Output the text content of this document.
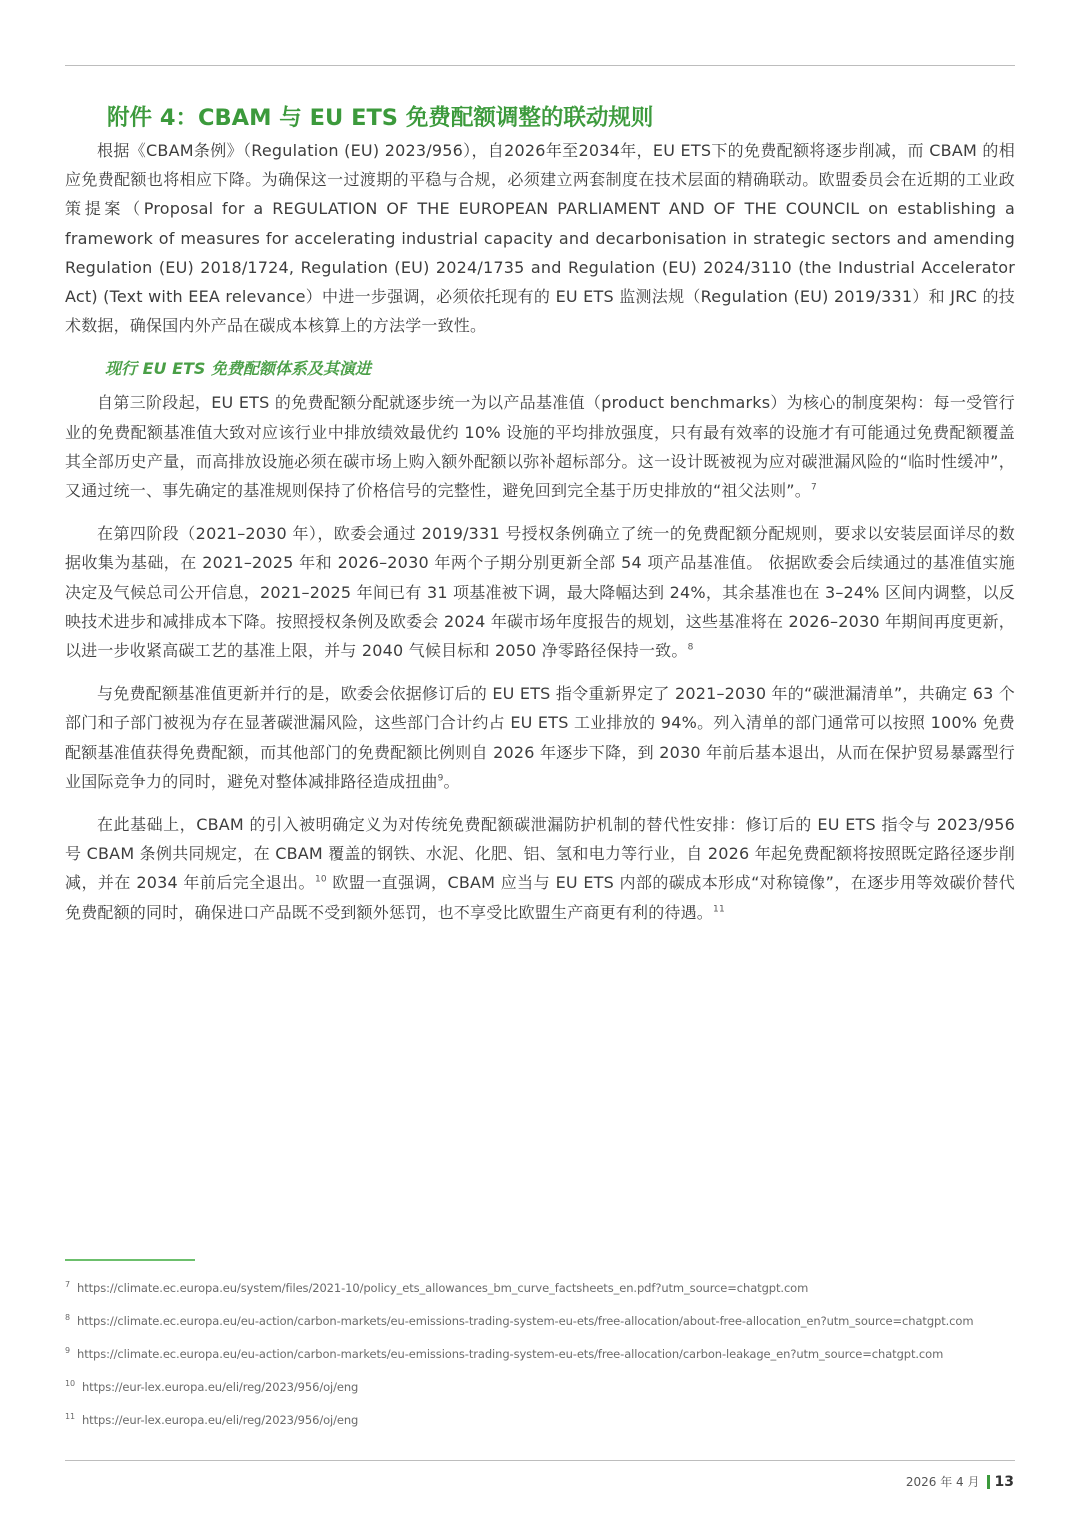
附件 4：CBAM 与 EU ETS 免费配额调整的联动规则

根据《CBAM条例》（Regulation (EU) 2023/956），自2026年至2034年，EU ETS下的免费配额将逐步削减，而 CBAM 的相应免费配额也将相应下降。为确保这一过渡期的平稳与合规，必须建立两套制度在技术层面的精确联动。欧盟委员会在近期的工业政策提案（Proposal for a REGULATION OF THE EUROPEAN PARLIAMENT AND OF THE COUNCIL on establishing a framework of measures for accelerating industrial capacity and decarbonisation in strategic sectors and amending Regulation (EU) 2018/1724, Regulation (EU) 2024/1735 and Regulation (EU) 2024/3110 (the Industrial Accelerator Act) (Text with EEA relevance）中进一步强调，必须依托现有的 EU ETS 监测法规（Regulation (EU) 2019/331）和 JRC 的技术数据，确保国内外产品在碳成本核算上的方法学一致性。

现行 EU ETS 免费配额体系及其演进

自第三阶段起，EU ETS 的免费配额分配就逐步统一为以产品基准值（product benchmarks）为核心的制度架构：每一受管行业的免费配额基准值大致对应该行业中排放绩效最优约 10% 设施的平均排放强度，只有最有效率的设施才有可能通过免费配额覆盖其全部历史产量，而高排放设施必须在碳市场上购入额外配额以弥补超标部分。这一设计既被视为应对碳泄漏风险的“临时性缓冲”，又通过统一、事先确定的基准规则保持了价格信号的完整性，避免回到完全基于历史排放的“祖父法则”。$^7$

在第四阶段（2021–2030 年），欧委会通过 2019/331 号授权条例确立了统一的免费配额分配规则，要求以安装层面详尽的数据收集为基础，在 2021–2025 年和 2026–2030 年两个子期分别更新全部 54 项产品基准值。 依据欧委会后续通过的基准值实施决定及气候总司公开信息，2021–2025 年间已有 31 项基准被下调，最大降幅达到 24%，其余基准也在 3–24% 区间内调整，以反映技术进步和减排成本下降。按照授权条例及欧委会 2024 年碳市场年度报告的规划，这些基准将在 2026–2030 年期间再度更新，以进一步收紧高碳工艺的基准上限，并与 2040 气候目标和 2050 净零路径保持一致。$^8$

与免费配额基准值更新并行的是，欧委会依据修订后的 EU ETS 指令重新界定了 2021–2030 年的“碳泄漏清单”，共确定 63 个部门和子部门被视为存在显著碳泄漏风险，这些部门合计约占 EU ETS 工业排放的 94%。列入清单的部门通常可以按照 100% 免费配额基准值获得免费配额，而其他部门的免费配额比例则自 2026 年逐步下降，到 2030 年前后基本退出，从而在保护贸易暴露型行业国际竞争力的同时，避免对整体减排路径造成扭曲$^9$。

在此基础上，CBAM 的引入被明确定义为对传统免费配额碳泄漏防护机制的替代性安排：修订后的 EU ETS 指令与 2023/956 号 CBAM 条例共同规定，在 CBAM 覆盖的钢铁、水泥、化肥、铝、氢和电力等行业，自 2026 年起免费配额将按照既定路径逐步削减，并在 2034 年前后完全退出。$^{10}$ 欧盟一直强调，CBAM 应当与 EU ETS 内部的碳成本形成“对称镜像”，在逐步用等效碳价替代免费配额的同时，确保进口产品既不受到额外惩罚，也不享受比欧盟生产商更有利的待遇。$^{11}$

$^7$ https://climate.ec.europa.eu/system/files/2021-10/policy_ets_allowances_bm_curve_factsheets_en.pdf?utm_source=chatgpt.com
$^8$ https://climate.ec.europa.eu/eu-action/carbon-markets/eu-emissions-trading-system-eu-ets/free-allocation/about-free-allocation_en?utm_source=chatgpt.com
$^9$ https://climate.ec.europa.eu/eu-action/carbon-markets/eu-emissions-trading-system-eu-ets/free-allocation/carbon-leakage_en?utm_source=chatgpt.com
$^{10}$ https://eur-lex.europa.eu/eli/reg/2023/956/oj/eng
$^{11}$ https://eur-lex.europa.eu/eli/reg/2023/956/oj/eng
2026 年 4 月 13
